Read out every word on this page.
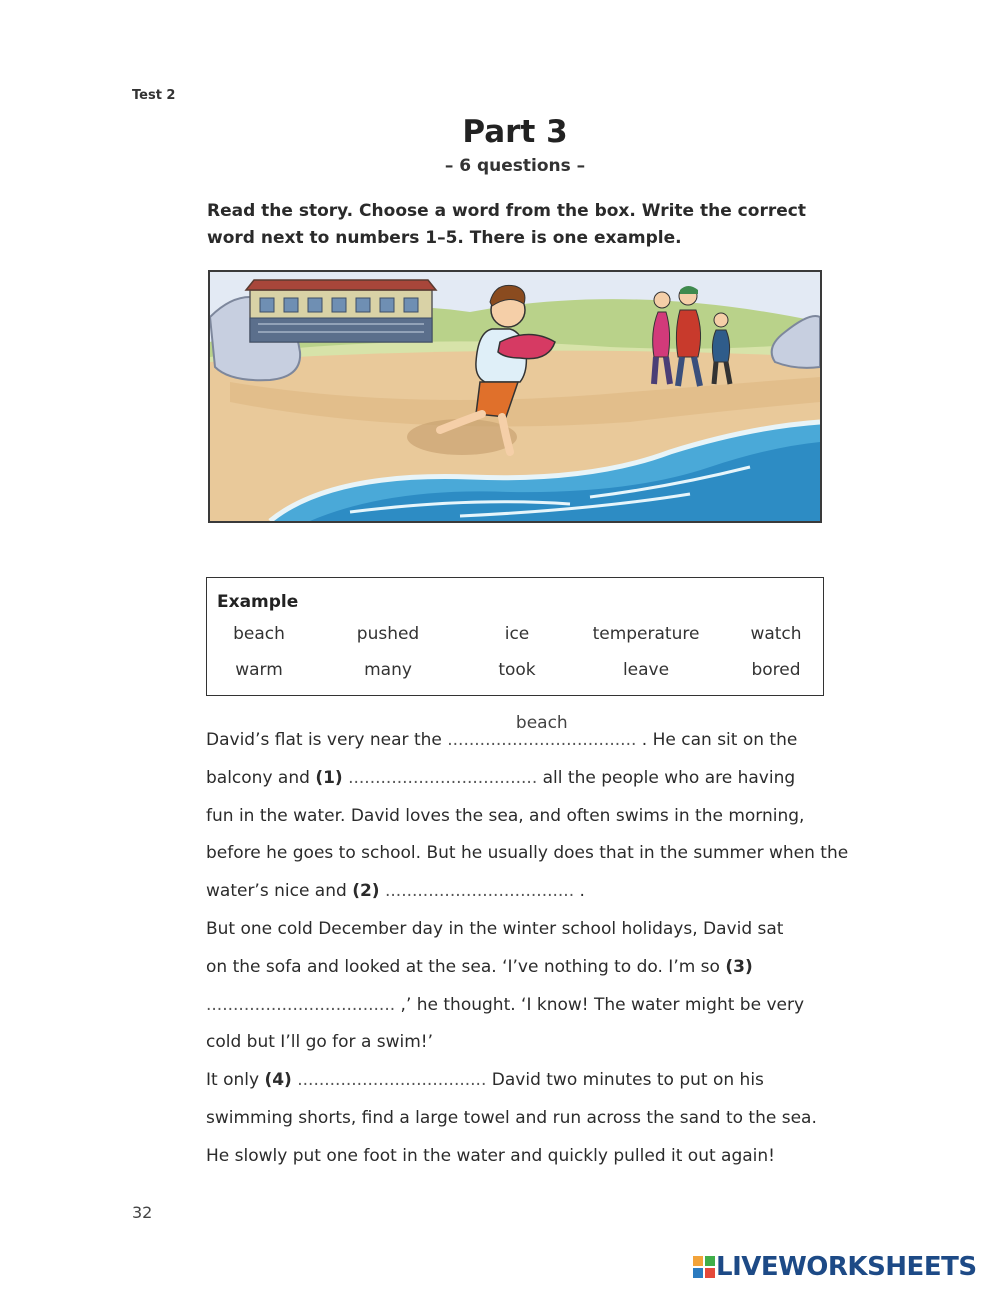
Test 2
Part 3
– 6 questions –
Read the story. Choose a word from the box. Write the correct word next to numbers 1–5. There is one example.
Example
beach	pushed	ice	temperature	watch
warm	many	took	leave	bored
David’s flat is very near the ...................................
beach
. He can sit on the
balcony and (1) ................................... all the people who are having
fun in the water. David loves the sea, and often swims in the morning,
before he goes to school. But he usually does that in the summer when the
water’s nice and (2) ................................... .
But one cold December day in the winter school holidays, David sat
on the sofa and looked at the sea. ‘I’ve nothing to do. I’m so (3)
................................... ,’ he thought. ‘I know! The water might be very
cold but I’ll go for a swim!’
It only (4) ................................... David two minutes to put on his
swimming shorts, find a large towel and run across the sand to the sea.
He slowly put one foot in the water and quickly pulled it out again!
32
LIVEWORKSHEETS
